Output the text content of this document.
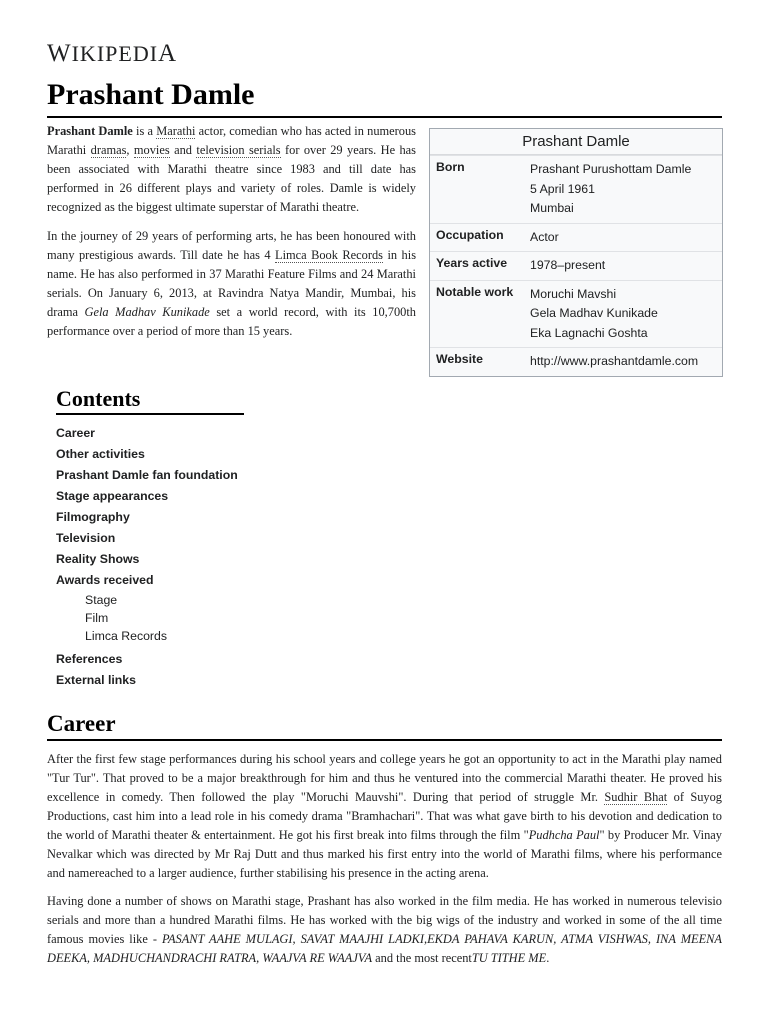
WIKIPEDIA
Prashant Damle

Prashant Damle is a Marathi actor, comedian who has acted in numerous Marathi dramas, movies and television serials for over 29 years. He has been associated with Marathi theatre since 1983 and till date has performed in 26 different plays and variety of roles. Damle is widely recognized as the biggest ultimate superstar of Marathi theatre.

In the journey of 29 years of performing arts, he has been honoured with many prestigious awards. Till date he has 4 Limca Book Records in his name. He has also performed in 37 Marathi Feature Films and 24 Marathi serials. On January 6, 2013, at Ravindra Natya Mandir, Mumbai, his drama Gela Madhav Kunikade set a world record, with its 10,700th performance over a period of more than 15 years.

Prashant Damle
Born	Prashant Purushottam Damle
5 April 1961
Mumbai
Occupation	Actor
Years active	1978–present
Notable work	Moruchi Mavshi
Gela Madhav Kunikade
Eka Lagnachi Goshta
Website	http://www.prashantdamle.com
Contents
Career
Other activities
Prashant Damle fan foundation
Stage appearances
Filmography
Television
Reality Shows
Awards received
Stage
Film
Limca Records
References
External links
Career

After the first few stage performances during his school years and college years he got an opportunity to act in the Marathi play named "Tur Tur". That proved to be a major breakthrough for him and thus he ventured into the commercial Marathi theater. He proved his excellence in comedy. Then followed the play "Moruchi Mauvshi". During that period of struggle Mr. Sudhir Bhat of Suyog Productions, cast him into a lead role in his comedy drama "Bramhachari". That was what gave birth to his devotion and dedication to the world of Marathi theater & entertainment. He got his first break into films through the film "Pudhcha Paul" by Producer Mr. Vinay Nevalkar which was directed by Mr Raj Dutt and thus marked his first entry into the world of Marathi films, where his performance and namereached to a larger audience, further stabilising his presence in the acting arena.

Having done a number of shows on Marathi stage, Prashant has also worked in the film media. He has worked in numerous televisio serials and more than a hundred Marathi films. He has worked with the big wigs of the industry and worked in some of the all time famous movies like - PASANT AAHE MULAGI, SAVAT MAAJHI LADKI,EKDA PAHAVA KARUN, ATMA VISHWAS, INA MEENA DEEKA, MADHUCHANDRACHI RATRA, WAAJVA RE WAAJVA and the most recentTU TITHE ME.
